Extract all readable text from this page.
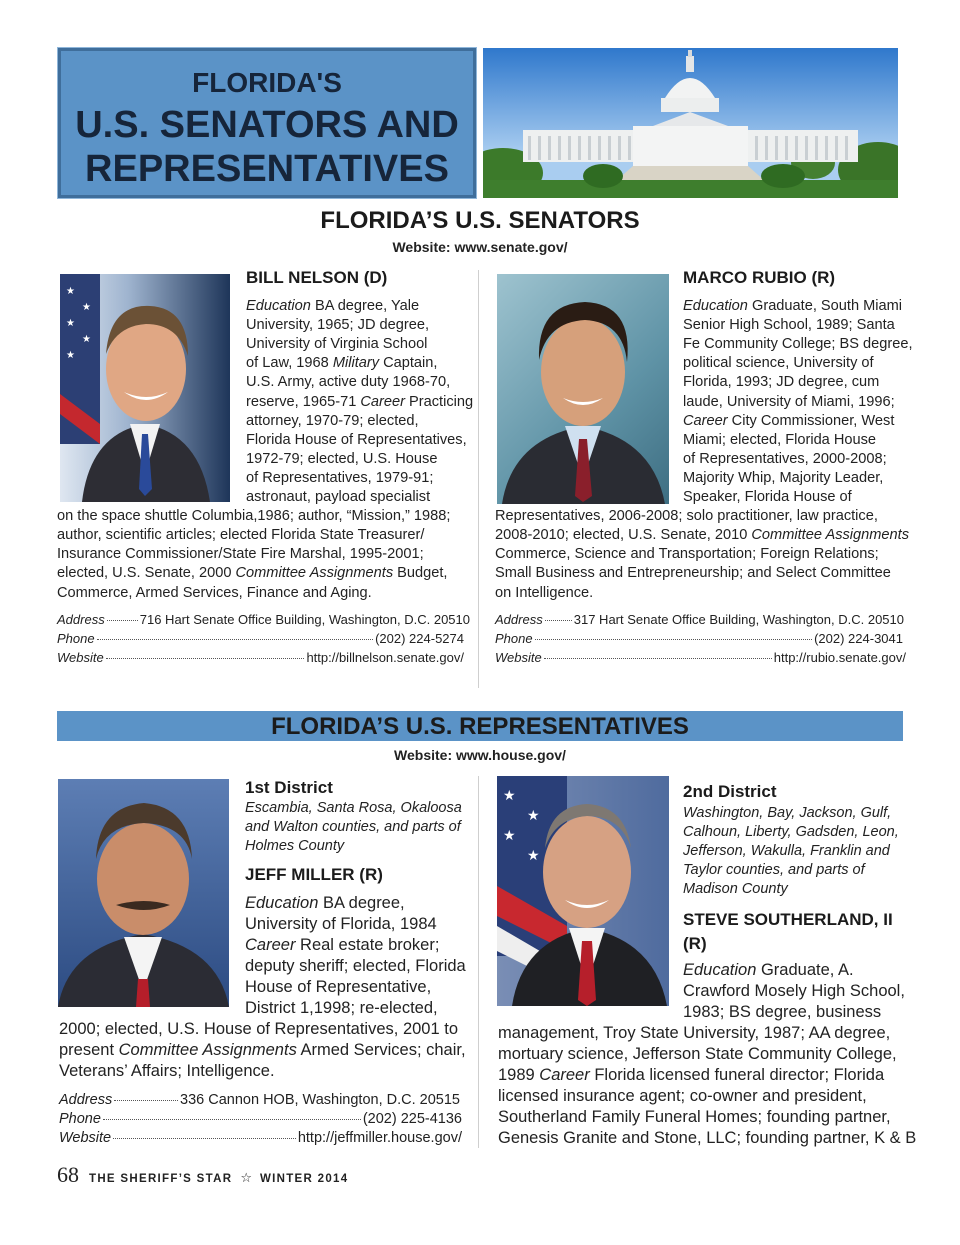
FLORIDA'S
U.S. SENATORS AND
REPRESENTATIVES
FLORIDA’S U.S. SENATORS
Website: www.senate.gov/
★
★
★
★
★
BILL NELSON (D)
Education BA degree, Yale
University, 1965; JD degree,
University of Virginia School
of Law, 1968 Military Captain,
U.S. Army, active duty 1968-70,
reserve, 1965-71 Career Practicing
attorney, 1970-79; elected,
Florida House of Representatives,
1972-79; elected, U.S. House
of Representatives, 1979-91;
astronaut, payload specialist
on the space shuttle Columbia,1986; author, “Mission,” 1988;
author, scientific articles; elected Florida State Treasurer/
Insurance Commissioner/State Fire Marshal, 1995-2001;
elected, U.S. Senate, 2000 Committee Assignments Budget,
Commerce, Armed Services, Finance and Aging.
Address	716 Hart Senate Office Building, Washington, D.C. 20510
Phone	(202) 224-5274
Website	http://billnelson.senate.gov/
MARCO RUBIO (R)
Education Graduate, South Miami
Senior High School, 1989; Santa
Fe Community College; BS degree,
political science, University of
Florida, 1993; JD degree, cum
laude, University of Miami, 1996;
Career City Commissioner, West
Miami; elected, Florida House
of Representatives, 2000-2008;
Majority Whip, Majority Leader,
Speaker, Florida House of
Representatives, 2006-2008; solo practitioner, law practice,
2008-2010; elected, U.S. Senate, 2010 Committee Assignments
Commerce, Science and Transportation; Foreign Relations;
Small Business and Entrepreneurship; and Select Committee
on Intelligence.
Address 317 Hart Senate Office Building, Washington, D.C. 20510
Phone	(202) 224-3041
Website	http://rubio.senate.gov/
FLORIDA’S U.S. REPRESENTATIVES
Website: www.house.gov/
1st District
Escambia, Santa Rosa, Okaloosa
and Walton counties, and parts of
Holmes County
JEFF MILLER (R)
Education BA degree,
University of Florida, 1984
Career Real estate broker;
deputy sheriff; elected, Florida
House of Representative,
District 1,1998; re-elected,
2000; elected, U.S. House of Representatives, 2001 to
present Committee Assignments Armed Services; chair,
Veterans’ Affairs; Intelligence.
Address	336 Cannon HOB, Washington, D.C. 20515
Phone	(202) 225-4136
Website	http://jeffmiller.house.gov/
★
★
★
★
2nd District
Washington, Bay, Jackson, Gulf,
Calhoun, Liberty, Gadsden, Leon,
Jefferson, Wakulla, Franklin and
Taylor counties, and parts of
Madison County
STEVE SOUTHERLAND, II
(R)
Education Graduate, A.
Crawford Mosely High School,
1983; BS degree, business
management, Troy State University, 1987; AA degree,
mortuary science, Jefferson State Community College,
1989 Career Florida licensed funeral director; Florida
licensed insurance agent; co-owner and president,
Southerland Family Funeral Homes; founding partner,
Genesis Granite and Stone, LLC; founding partner, K & B
68 THE SHERIFF’S STAR ☆ WINTER 2014
